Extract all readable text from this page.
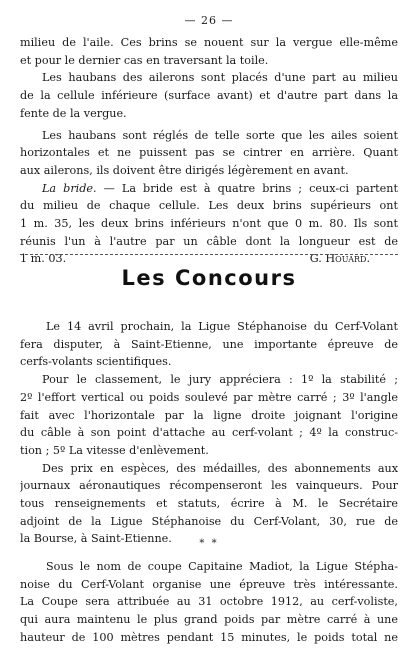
— 26 —
milieu de l'aile. Ces brins se nouent sur la vergue elle-même
et pour le dernier cas en traversant la toile.
Les haubans des ailerons sont placés d'une part au milieu
de la cellule inférieure (surface avant) et d'autre part dans la
fente de la vergue.
Les haubans sont réglés de telle sorte que les ailes soient
horizontales et ne puissent pas se cintrer en arrière. Quant
aux ailerons, ils doivent être dirigés légèrement en avant.
La bride. — La bride est à quatre brins ; ceux-ci partent
du milieu de chaque cellule. Les deux brins supérieurs ont
1 m. 35, les deux brins inférieurs n'ont que 0 m. 80. Ils sont
réunis l'un à l'autre par un câble dont la longueur est de
1 m. 03.	G. Houard.
Les Concours
Le 14 avril prochain, la Ligue Stéphanoise du Cerf-Volant
fera disputer, à Saint-Etienne, une importante épreuve de
cerfs-volants scientifiques.
Pour le classement, le jury appréciera : 1º la stabilité ;
2º l'effort vertical ou poids soulevé par mètre carré ; 3º l'angle
fait avec l'horizontale par la ligne droite joignant l'origine
du câble à son point d'attache au cerf-volant ; 4º la construc-
tion ; 5º La vitesse d'enlèvement.
Des prix en espèces, des médailles, des abonnements aux
journaux aéronautiques récompenseront les vainqueurs. Pour
tous renseignements et statuts, écrire à M. le Secrétaire
adjoint de la Ligue Stéphanoise du Cerf-Volant, 30, rue de
la Bourse, à Saint-Etienne.	* *
Sous le nom de coupe Capitaine Madiot, la Ligue Stépha-
noise du Cerf-Volant organise une épreuve très intéressante.
La Coupe sera attribuée au 31 octobre 1912, au cerf-voliste,
qui aura maintenu le plus grand poids par mètre carré à une
hauteur de 100 mètres pendant 15 minutes, le poids total ne
